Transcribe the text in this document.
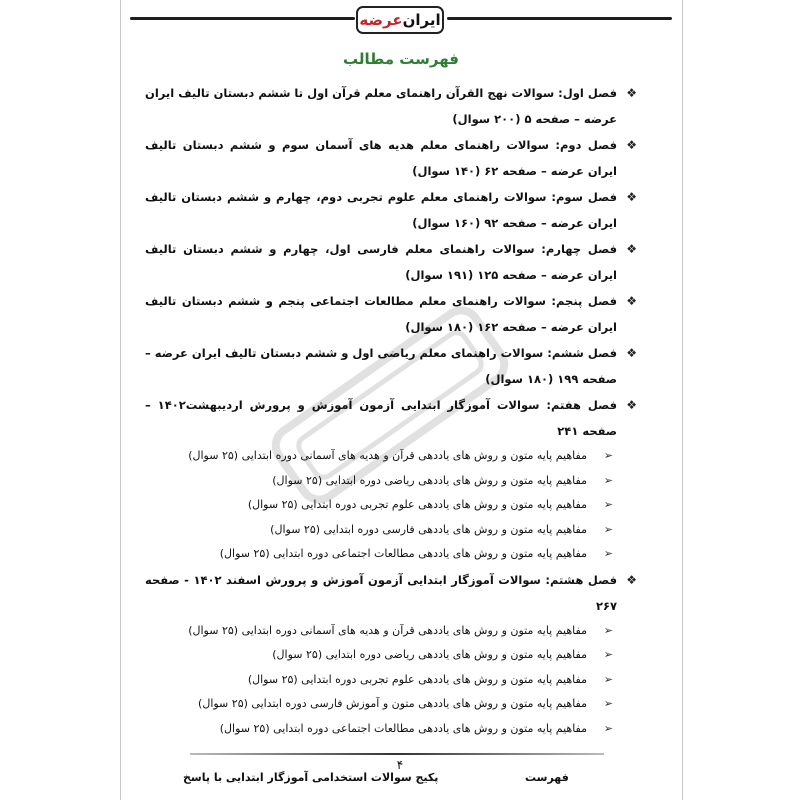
ایران
عرضه
فهرست مطالب
❖
فصل اول: سوالات نهج القرآن راهنمای معلم قرآن اول تا ششم دبستان تالیف ایران عرضه – صفحه ۵ (۲۰۰ سوال)
❖
فصل دوم: سوالات راهنمای معلم هدیه های آسمان سوم و ششم دبستان تالیف ایران عرضه – صفحه ۶۲ (۱۴۰ سوال)
❖
فصل سوم: سوالات راهنمای معلم علوم تجربی دوم، چهارم و ششم دبستان تالیف ایران عرضه – صفحه ۹۲ (۱۶۰ سوال)
❖
فصل چهارم: سوالات راهنمای معلم فارسی اول، چهارم و ششم دبستان تالیف ایران عرضه – صفحه ۱۲۵ (۱۹۱ سوال)
❖
فصل پنجم: سوالات راهنمای معلم مطالعات اجتماعی پنجم و ششم دبستان تالیف ایران عرضه – صفحه ۱۶۲ (۱۸۰ سوال)
❖
فصل ششم: سوالات راهنمای معلم ریاضی اول و ششم دبستان تالیف ایران عرضه – صفحه ۱۹۹ (۱۸۰ سوال)
❖
فصل هفتم: سوالات آموزگار ابتدایی آزمون آموزش و پرورش اردیبهشت۱۴۰۲ – صفحه ۲۴۱
➢
مفاهیم پایه متون و روش های یاددهی قرآن و هدیه های آسمانی دوره ابتدایی (۲۵ سوال)
➢
مفاهیم پایه متون و روش های یاددهی ریاضی دوره ابتدایی (۲۵ سوال)
➢
مفاهیم پایه متون و روش های یاددهی علوم تجربی دوره ابتدایی (۲۵ سوال)
➢
مفاهیم پایه متون و روش های یاددهی فارسی دوره ابتدایی (۲۵ سوال)
➢
مفاهیم پایه متون و روش های یاددهی مطالعات اجتماعی دوره ابتدایی (۲۵ سوال)
❖
فصل هشتم: سوالات آموزگار ابتدایی آزمون آموزش و پرورش اسفند ۱۴۰۲ - صفحه ۲۶۷
➢
مفاهیم پایه متون و روش های یاددهی قرآن و هدیه های آسمانی دوره ابتدایی (۲۵ سوال)
➢
مفاهیم پایه متون و روش های یاددهی ریاضی دوره ابتدایی (۲۵ سوال)
➢
مفاهیم پایه متون و روش های یاددهی علوم تجربی دوره ابتدایی (۲۵ سوال)
➢
مفاهیم پایه متون و روش های یاددهی متون و آموزش فارسی دوره ابتدایی (۲۵ سوال)
➢
مفاهیم پایه متون و روش های یاددهی مطالعات اجتماعی دوره ابتدایی (۲۵ سوال)
۴
پکیج سوالات استخدامی آموزگار ابتدایی با پاسخ	فهرست
